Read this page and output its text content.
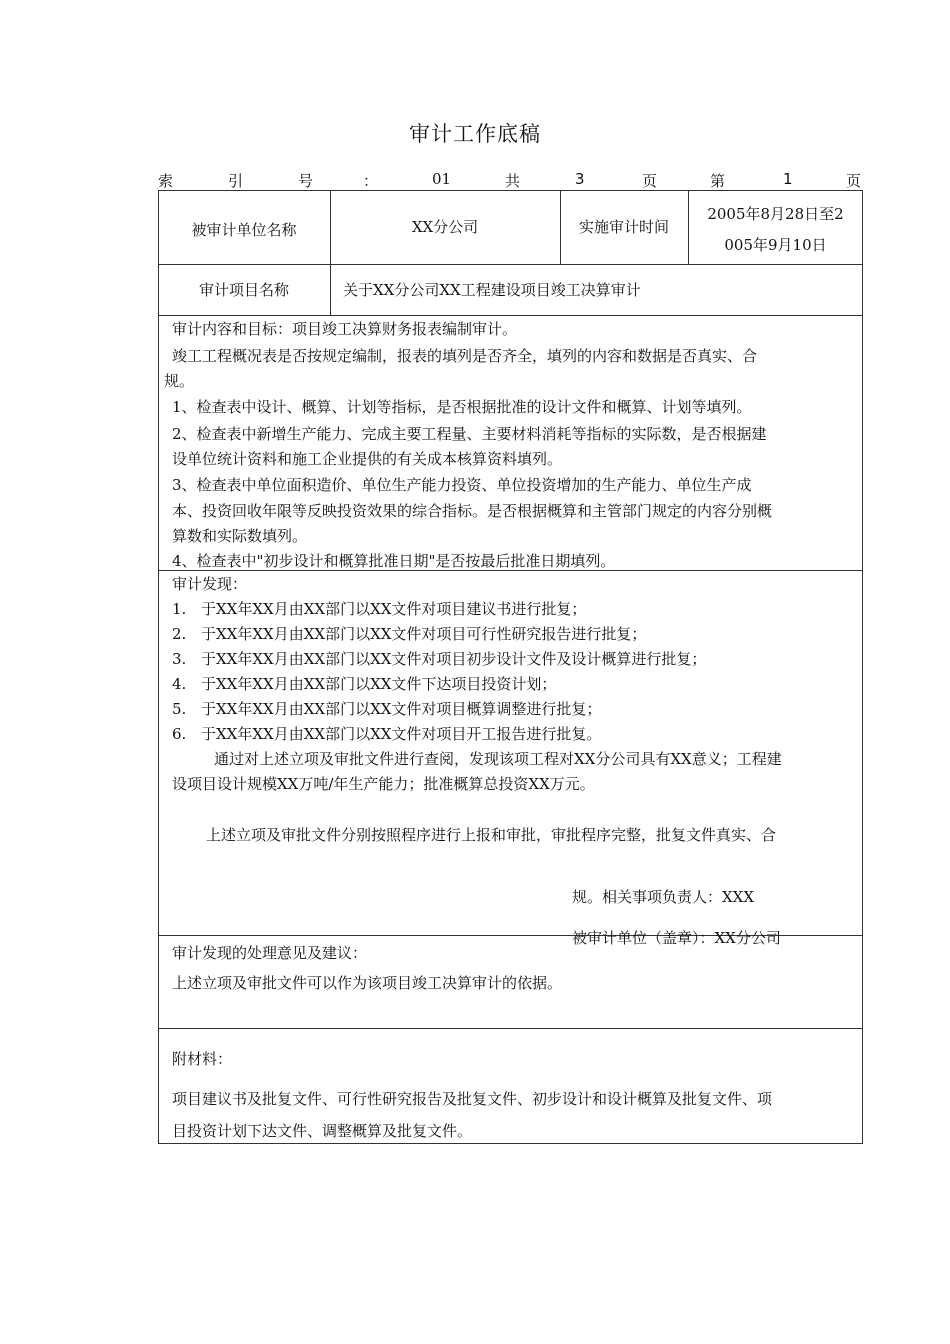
审计工作底稿
索	引	号	：	01	共	3	页	第	1	页
被审计单位名称	XX分公司	实施审计时间
2005年8月28日至2
005年9月10日
审计项目名称	关于XX分公司XX工程建设项目竣工决算审计
审计内容和目标：项目竣工决算财务报表编制审计。
竣工工程概况表是否按规定编制，报表的填列是否齐全，填列的内容和数据是否真实、合
规。
1、检查表中设计、概算、计划等指标，是否根据批准的设计文件和概算、计划等填列。
2、检查表中新增生产能力、完成主要工程量、主要材料消耗等指标的实际数，是否根据建
设单位统计资料和施工企业提供的有关成本核算资料填列。
3、检查表中单位面积造价、单位生产能力投资、单位投资增加的生产能力、单位生产成
本、投资回收年限等反映投资效果的综合指标。是否根据概算和主管部门规定的内容分别概
算数和实际数填列。
4、检查表中"初步设计和概算批准日期"是否按最后批准日期填列。
审计发现：
1. 于XX年XX月由XX部门以XX文件对项目建议书进行批复；
2. 于XX年XX月由XX部门以XX文件对项目可行性研究报告进行批复；
3. 于XX年XX月由XX部门以XX文件对项目初步设计文件及设计概算进行批复；
4. 于XX年XX月由XX部门以XX文件下达项目投资计划；
5. 于XX年XX月由XX部门以XX文件对项目概算调整进行批复；
6. 于XX年XX月由XX部门以XX文件对项目开工报告进行批复。
通过对上述立项及审批文件进行查阅，发现该项工程对XX分公司具有XX意义；工程建
设项目设计规模XX万吨/年生产能力；批准概算总投资XX万元。
上述立项及审批文件分别按照程序进行上报和审批，审批程序完整，批复文件真实、合
规。相关事项负责人：XXX
被审计单位（盖章）：XX分公司
审计发现的处理意见及建议：
上述立项及审批文件可以作为该项目竣工决算审计的依据。
附材料：
项目建议书及批复文件、可行性研究报告及批复文件、初步设计和设计概算及批复文件、项
目投资计划下达文件、调整概算及批复文件。
